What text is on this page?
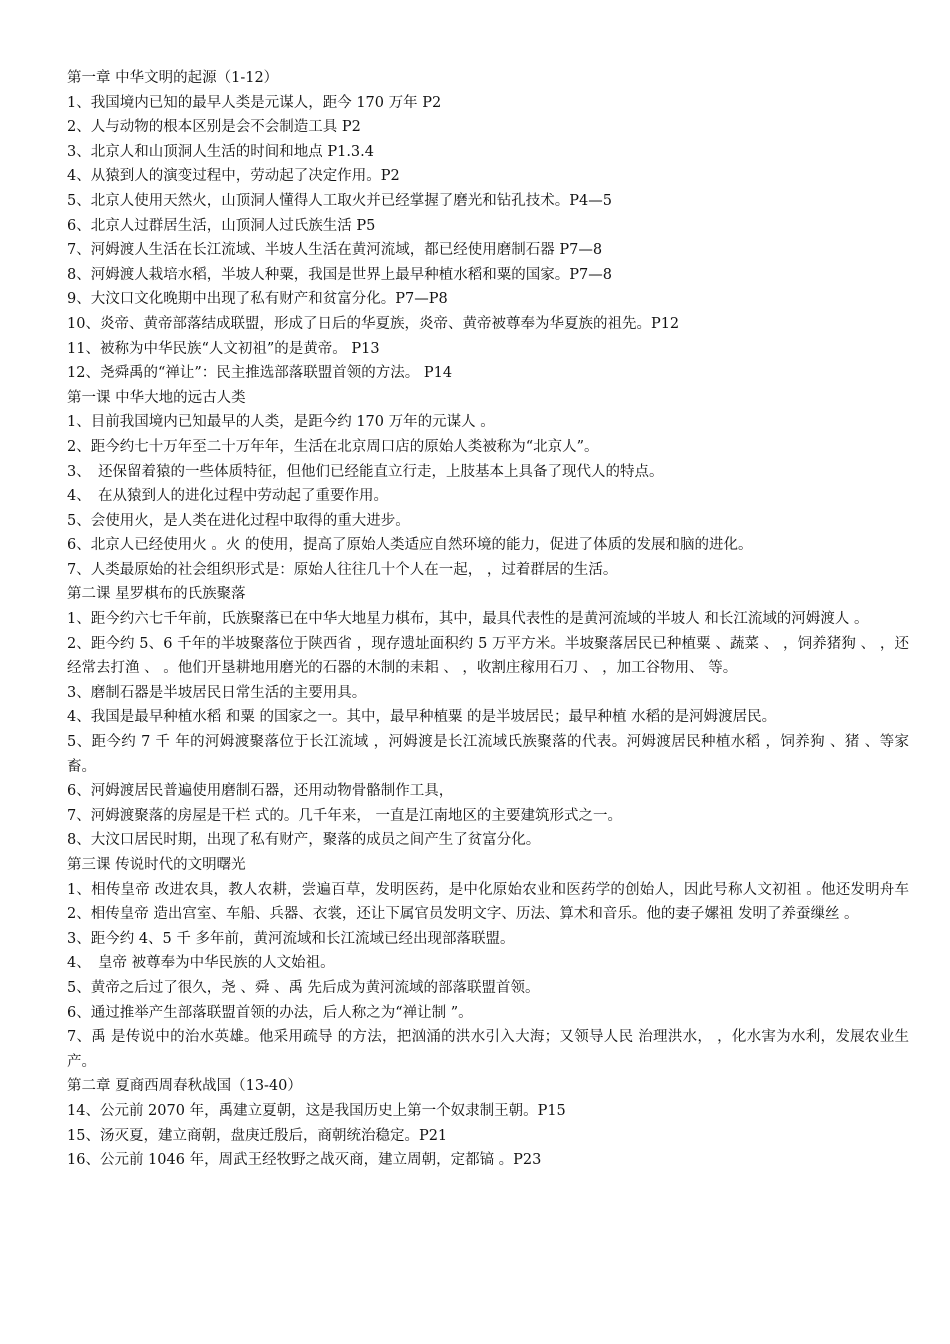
第一章 中华文明的起源（1-12）

1、我国境内已知的最早人类是元谋人，距今 170 万年 P2

2、人与动物的根本区别是会不会制造工具 P2

3、北京人和山顶洞人生活的时间和地点 P1.3.4

4、从猿到人的演变过程中，劳动起了决定作用。P2

5、北京人使用天然火，山顶洞人懂得人工取火并已经掌握了磨光和钻孔技术。P4—5

6、北京人过群居生活，山顶洞人过氏族生活 P5

7、河姆渡人生活在长江流域、半坡人生活在黄河流域，都已经使用磨制石器 P7—8

8、河姆渡人栽培水稻，半坡人种粟，我国是世界上最早种植水稻和粟的国家。P7—8

9、大汶口文化晚期中出现了私有财产和贫富分化。P7—P8

10、炎帝、黄帝部落结成联盟，形成了日后的华夏族，炎帝、黄帝被尊奉为华夏族的祖先。P12

11、被称为中华民族“人文初祖”的是黄帝。 P13

12、尧舜禹的“禅让”：民主推选部落联盟首领的方法。 P14

第一课 中华大地的远古人类

1、目前我国境内已知最早的人类，是距今约 170 万年的元谋人 。

2、距今约七十万年至二十万年年，生活在北京周口店的原始人类被称为“北京人”。

3、　还保留着猿的一些体质特征，但他们已经能直立行走，上肢基本上具备了现代人的特点。

4、　在从猿到人的进化过程中劳动起了重要作用。

5、会使用火，是人类在进化过程中取得的重大进步。

6、北京人已经使用火 。火 的使用，提高了原始人类适应自然环境的能力，促进了体质的发展和脑的进化。

7、人类最原始的社会组织形式是：原始人往往几十个人在一起， ，过着群居的生活。

第二课 星罗棋布的氏族聚落

1、距今约六七千年前，氏族聚落已在中华大地星力棋布，其中，最具代表性的是黄河流域的半坡人 和长江流域的河姆渡人 。

2、距今约 5、6 千年的半坡聚落位于陕西省 ，现存遗址面积约 5 万平方米。半坡聚落居民已种植粟 、蔬菜 、 ，饲养猪狗 、 ，还经常去打渔 、 。他们开垦耕地用磨光的石器的木制的耒耜 、 ，收割庄稼用石刀 、 ，加工谷物用、 等。

3、磨制石器是半坡居民日常生活的主要用具。

4、我国是最早种植水稻 和粟 的国家之一。其中，最早种植粟 的是半坡居民；最早种植 水稻的是河姆渡居民。

5、距今约 7 千 年的河姆渡聚落位于长江流域 ，河姆渡是长江流域氏族聚落的代表。河姆渡居民种植水稻 ，饲养狗 、猪 、等家畜。

6、河姆渡居民普遍使用磨制石器，还用动物骨骼制作工具，

7、河姆渡聚落的房屋是干栏 式的。几千年来， 一直是江南地区的主要建筑形式之一。

8、大汶口居民时期，出现了私有财产，聚落的成员之间产生了贫富分化。

第三课 传说时代的文明曙光

1、相传皇帝 改进农具，教人农耕，尝遍百草，发明医药，是中化原始农业和医药学的创始人，因此号称人文初祖 。他还发明舟车 2、相传皇帝 造出宫室、车船、兵器、衣裳，还让下属官员发明文字、历法、算术和音乐。他的妻子嫘祖 发明了养蚕缫丝 。

3、距今约 4、5 千 多年前，黄河流域和长江流域已经出现部落联盟。

4、　皇帝 被尊奉为中华民族的人文始祖。

5、黄帝之后过了很久，尧 、舜 、禹 先后成为黄河流域的部落联盟首领。

6、通过推举产生部落联盟首领的办法，后人称之为“禅让制 ”。

7、禹 是传说中的治水英雄。他采用疏导 的方法，把汹涌的洪水引入大海；又领导人民 治理洪水， ，化水害为水利，发展农业生产。

第二章 夏商西周春秋战国（13-40）

14、公元前 2070 年，禹建立夏朝，这是我国历史上第一个奴隶制王朝。P15

15、汤灭夏，建立商朝，盘庚迁殷后，商朝统治稳定。P21

16、公元前 1046 年，周武王经牧野之战灭商，建立周朝，定都镐 。P23
